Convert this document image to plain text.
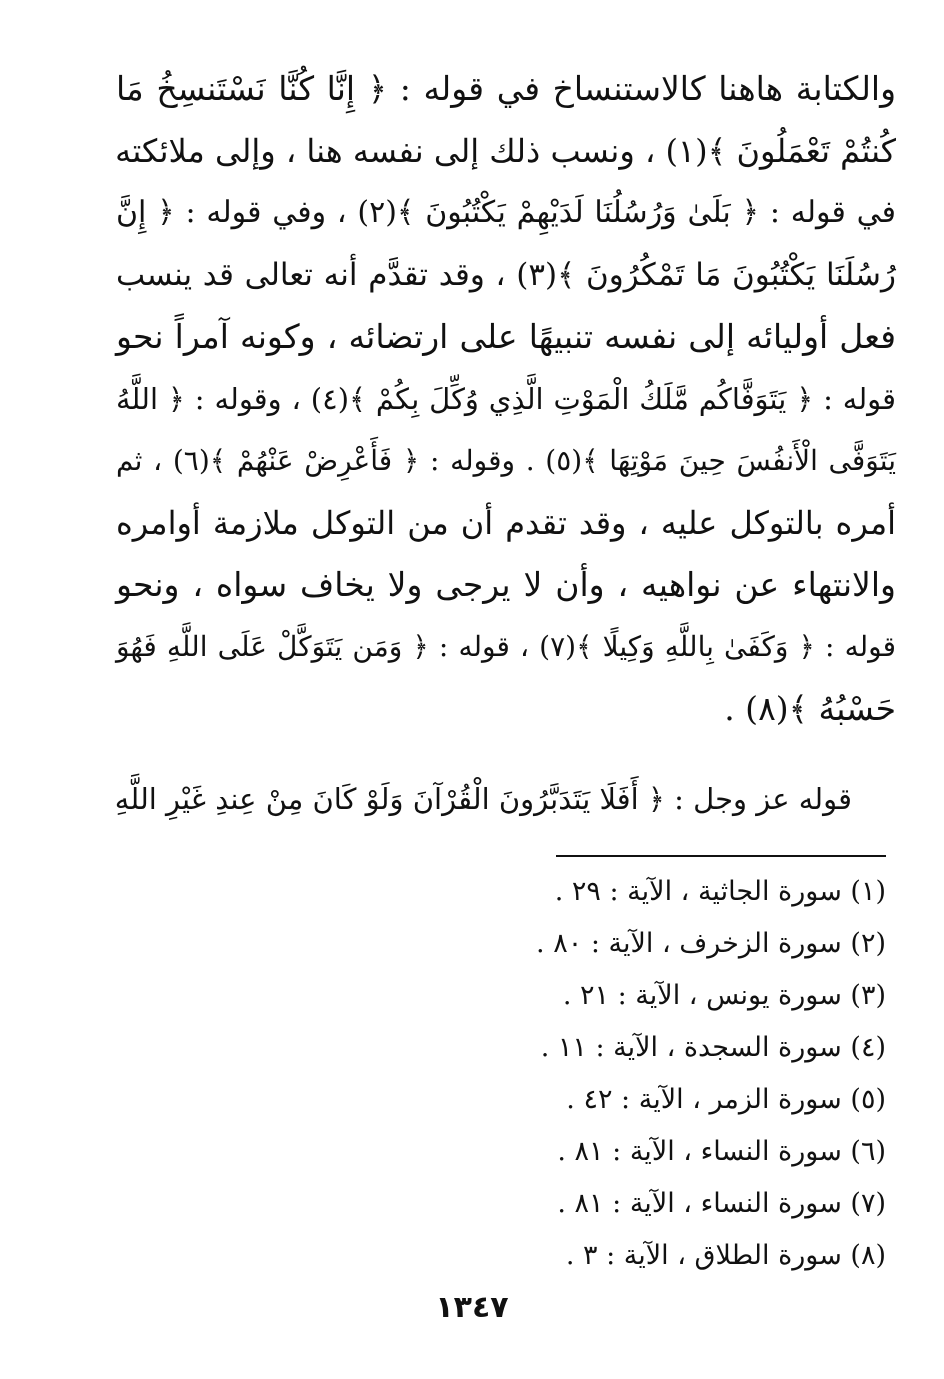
والكتابة هاهنا كالاستنساخ في قوله : ﴿ إِنَّا كُنَّا نَسْتَنسِخُ مَا
كُنتُمْ تَعْمَلُونَ ﴾(١) ، ونسب ذلك إلى نفسه هنا ، وإلى ملائكته
في قوله : ﴿ بَلَىٰ وَرُسُلُنَا لَدَيْهِمْ يَكْتُبُونَ ﴾(٢) ، وفي قوله : ﴿ إِنَّ
رُسُلَنَا يَكْتُبُونَ مَا تَمْكُرُونَ ﴾(٣) ، وقد تقدَّم أنه تعالى قد ينسب
فعل أوليائه إلى نفسه تنبيهًا على ارتضائه ، وكونه آمراً نحو
قوله : ﴿ يَتَوَفَّاكُم مَّلَكُ الْمَوْتِ الَّذِي وُكِّلَ بِكُمْ ﴾(٤) ، وقوله : ﴿ اللَّهُ
يَتَوَفَّى الْأَنفُسَ حِينَ مَوْتِهَا ﴾(٥) . وقوله : ﴿ فَأَعْرِضْ عَنْهُمْ ﴾(٦) ، ثم
أمره بالتوكل عليه ، وقد تقدم أن من التوكل ملازمة أوامره
والانتهاء عن نواهيه ، وأن لا يرجى ولا يخاف سواه ، ونحو
قوله : ﴿ وَكَفَىٰ بِاللَّهِ وَكِيلًا ﴾(٧) ، قوله : ﴿ وَمَن يَتَوَكَّلْ عَلَى اللَّهِ فَهُوَ
حَسْبُهُ ﴾(٨) .
قوله عز وجل : ﴿ أَفَلَا يَتَدَبَّرُونَ الْقُرْآنَ وَلَوْ كَانَ مِنْ عِندِ غَيْرِ اللَّهِ
(١) سورة الجاثية ، الآية : ٢٩ .
(٢) سورة الزخرف ، الآية : ٨٠ .
(٣) سورة يونس ، الآية : ٢١ .
(٤) سورة السجدة ، الآية : ١١ .
(٥) سورة الزمر ، الآية : ٤٢ .
(٦) سورة النساء ، الآية : ٨١ .
(٧) سورة النساء ، الآية : ٨١ .
(٨) سورة الطلاق ، الآية : ٣ .
١٣٤٧
